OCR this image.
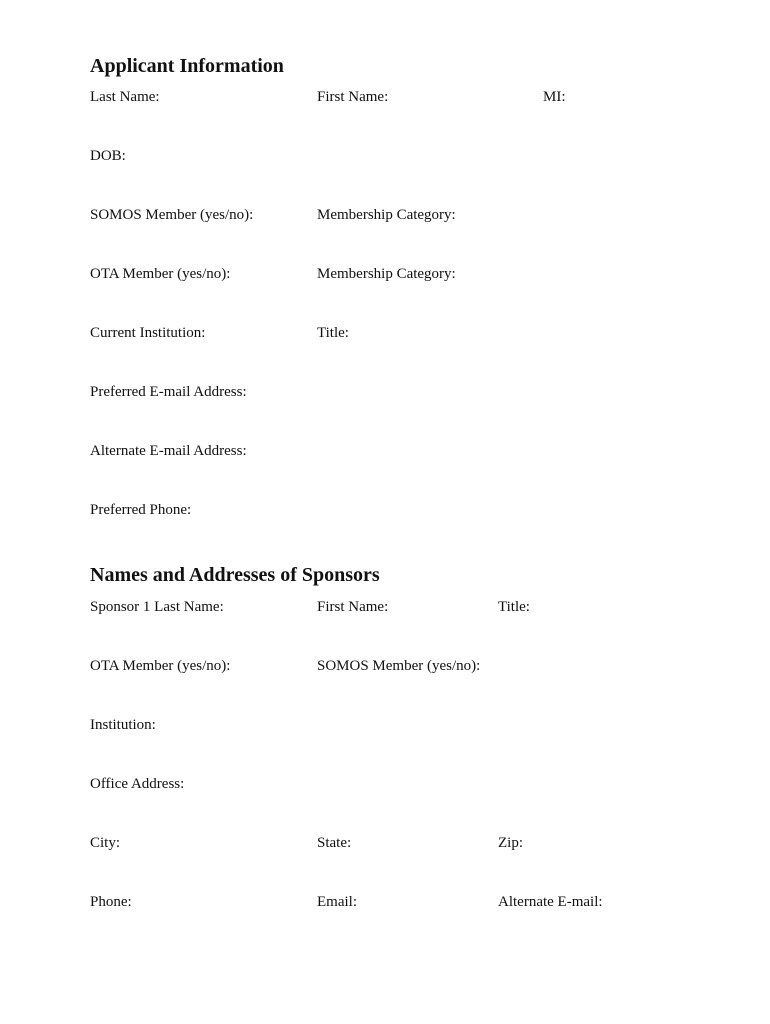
Applicant Information
Last Name:	First Name:	MI:
DOB:
SOMOS Member (yes/no):	Membership Category:
OTA Member (yes/no):	Membership Category:
Current Institution:	Title:
Preferred E-mail Address:
Alternate E-mail Address:
Preferred Phone:
Names and Addresses of Sponsors
Sponsor 1 Last Name:	First Name:	Title:
OTA Member (yes/no):	SOMOS Member (yes/no):
Institution:
Office Address:
City:	State:	Zip:
Phone:	Email:	Alternate E-mail:
